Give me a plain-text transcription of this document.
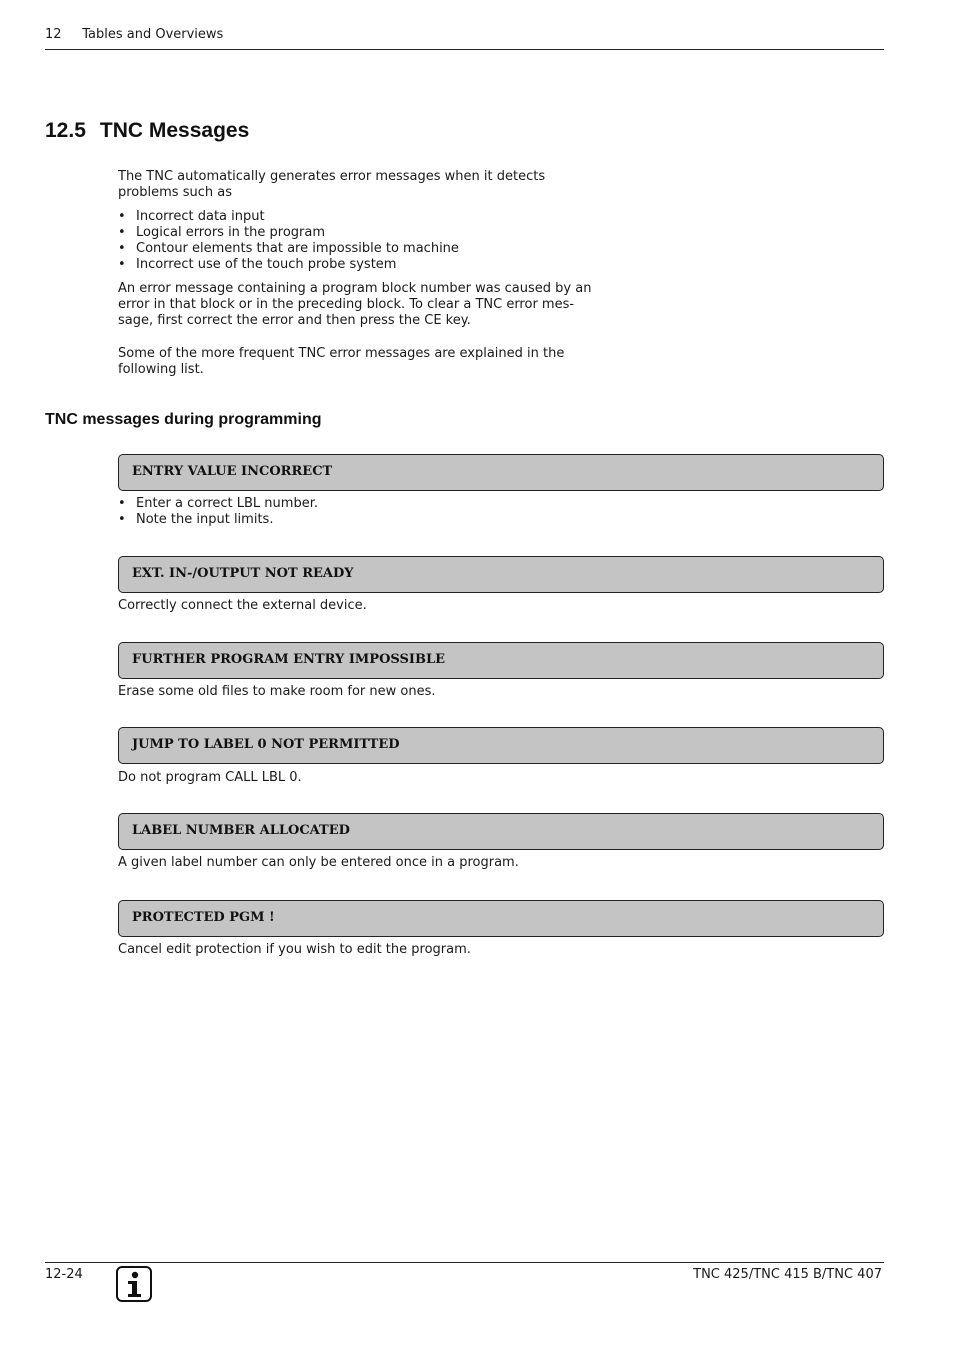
12 Tables and Overviews
12.5 TNC Messages
The TNC automatically generates error messages when it detects
problems such as
• Incorrect data input
• Logical errors in the program
• Contour elements that are impossible to machine
• Incorrect use of the touch probe system
An error message containing a program block number was caused by an
error in that block or in the preceding block. To clear a TNC error mes-
sage, first correct the error and then press the CE key.
Some of the more frequent TNC error messages are explained in the
following list.
TNC messages during programming
ENTRY VALUE INCORRECT
• Enter a correct LBL number.
• Note the input limits.
EXT. IN-/OUTPUT NOT READY
Correctly connect the external device.
FURTHER PROGRAM ENTRY IMPOSSIBLE
Erase some old files to make room for new ones.
JUMP TO LABEL 0 NOT PERMITTED
Do not program CALL LBL 0.
LABEL NUMBER ALLOCATED
A given label number can only be entered once in a program.
PROTECTED PGM !
Cancel edit protection if you wish to edit the program.
12-24	TNC 425/TNC 415 B/TNC 407
